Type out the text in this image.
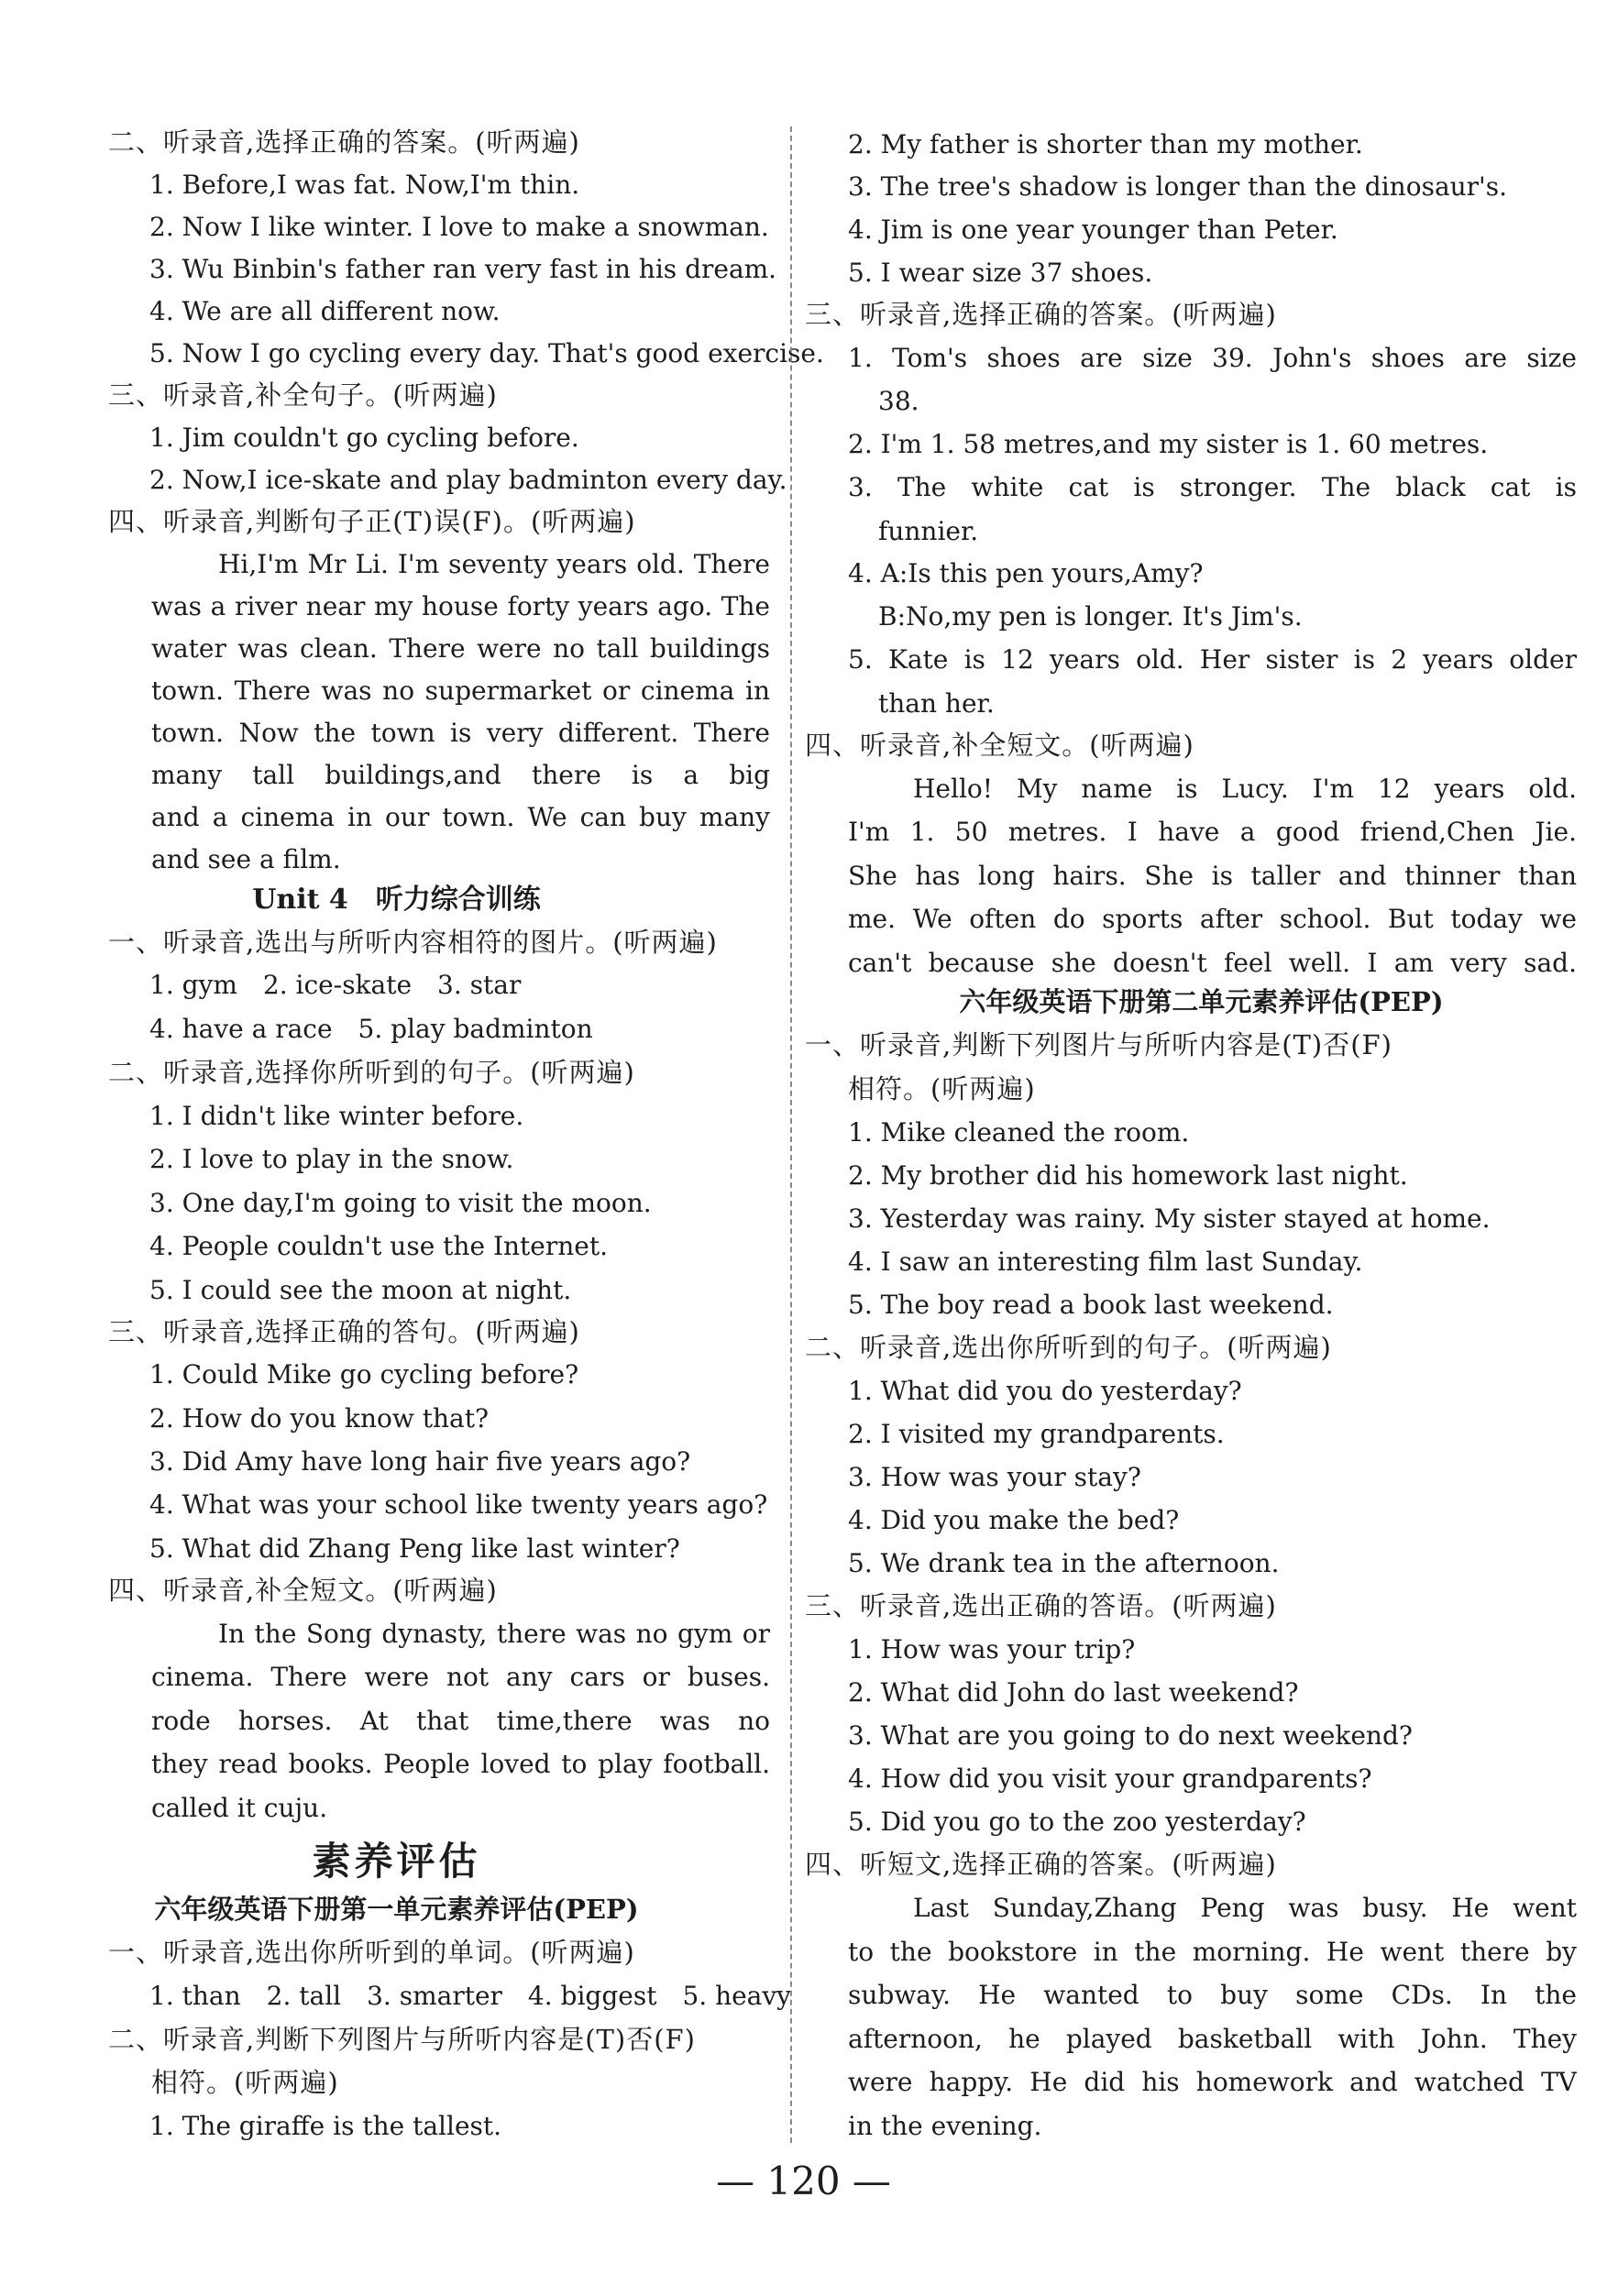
二、听录音,选择正确的答案。(听两遍)
1. Before,I was fat. Now,I'm thin.
2. Now I like winter. I love to make a snowman.
3. Wu Binbin's father ran very fast in his dream.
4. We are all different now.
5. Now I go cycling every day. That's good exercise.
三、听录音,补全句子。(听两遍)
1. Jim couldn't go cycling before.
2. Now,I ice-skate and play badminton every day.
四、听录音,判断句子正(T)误(F)。(听两遍)
Hi,I'm Mr Li. I'm seventy years old. There
was a river near my house forty years ago. The
water was clean. There were no tall buildings
town. There was no supermarket or cinema in
town. Now the town is very different. There
many tall buildings,and there is a big
and a cinema in our town. We can buy many
and see a film.
Unit 4　听力综合训练
一、听录音,选出与所听内容相符的图片。(听两遍)
1. gym　2. ice-skate　3. star
4. have a race　5. play badminton
二、听录音,选择你所听到的句子。(听两遍)
1. I didn't like winter before.
2. I love to play in the snow.
3. One day,I'm going to visit the moon.
4. People couldn't use the Internet.
5. I could see the moon at night.
三、听录音,选择正确的答句。(听两遍)
1. Could Mike go cycling before?
2. How do you know that?
3. Did Amy have long hair five years ago?
4. What was your school like twenty years ago?
5. What did Zhang Peng like last winter?
四、听录音,补全短文。(听两遍)
In the Song dynasty, there was no gym or
cinema. There were not any cars or buses.
rode horses. At that time,there was no
they read books. People loved to play football.
called it cuju.
素养评估
六年级英语下册第一单元素养评估(PEP)
一、听录音,选出你所听到的单词。(听两遍)
1. than　2. tall　3. smarter　4. biggest　5. heavy
二、听录音,判断下列图片与所听内容是(T)否(F)
相符。(听两遍)
1. The giraffe is the tallest.
2. My father is shorter than my mother.
3. The tree's shadow is longer than the dinosaur's.
4. Jim is one year younger than Peter.
5. I wear size 37 shoes.
三、听录音,选择正确的答案。(听两遍)
1. Tom's shoes are size 39. John's shoes are size
38.
2. I'm 1. 58 metres,and my sister is 1. 60 metres.
3. The white cat is stronger. The black cat is
funnier.
4. A:Is this pen yours,Amy?
B:No,my pen is longer. It's Jim's.
5. Kate is 12 years old. Her sister is 2 years older
than her.
四、听录音,补全短文。(听两遍)
Hello! My name is Lucy. I'm 12 years old.
I'm 1. 50 metres. I have a good friend,Chen Jie.
She has long hairs. She is taller and thinner than
me. We often do sports after school. But today we
can't because she doesn't feel well. I am very sad.
六年级英语下册第二单元素养评估(PEP)
一、听录音,判断下列图片与所听内容是(T)否(F)
相符。(听两遍)
1. Mike cleaned the room.
2. My brother did his homework last night.
3. Yesterday was rainy. My sister stayed at home.
4. I saw an interesting film last Sunday.
5. The boy read a book last weekend.
二、听录音,选出你所听到的句子。(听两遍)
1. What did you do yesterday?
2. I visited my grandparents.
3. How was your stay?
4. Did you make the bed?
5. We drank tea in the afternoon.
三、听录音,选出正确的答语。(听两遍)
1. How was your trip?
2. What did John do last weekend?
3. What are you going to do next weekend?
4. How did you visit your grandparents?
5. Did you go to the zoo yesterday?
四、听短文,选择正确的答案。(听两遍)
Last Sunday,Zhang Peng was busy. He went
to the bookstore in the morning. He went there by
subway. He wanted to buy some CDs. In the
afternoon, he played basketball with John. They
were happy. He did his homework and watched TV
in the evening.
— 120 —
